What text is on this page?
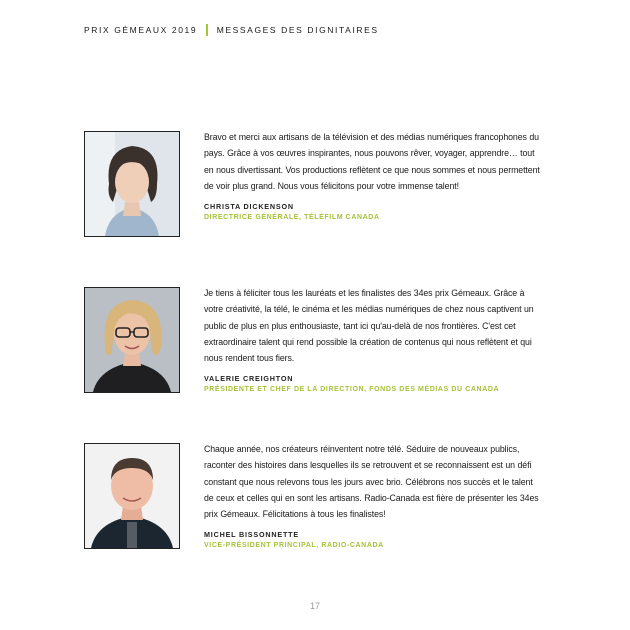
PRIX GÉMEAUX 2019 MESSAGES DES DIGNITAIRES

Bravo et merci aux artisans de la télévision et des médias numériques francophones du pays. Grâce à vos œuvres inspirantes, nous pouvons rêver, voyager, apprendre… tout en nous divertissant. Vos productions reflètent ce que nous sommes et nous permettent de voir plus grand. Nous vous félicitons pour votre immense talent!

CHRISTA DICKENSON
DIRECTRICE GÉNÉRALE, TÉLÉFILM CANADA

Je tiens à féliciter tous les lauréats et les finalistes des 34es prix Gémeaux. Grâce à votre créativité, la télé, le cinéma et les médias numériques de chez nous captivent un public de plus en plus enthousiaste, tant ici qu'au-delà de nos frontières. C'est cet extraordinaire talent qui rend possible la création de contenus qui nous reflètent et qui nous rendent tous fiers.

VALERIE CREIGHTON
PRÉSIDENTE ET CHEF DE LA DIRECTION, FONDS DES MÉDIAS DU CANADA

Chaque année, nos créateurs réinventent notre télé. Séduire de nouveaux publics, raconter des histoires dans lesquelles ils se retrouvent et se reconnaissent est un défi constant que nous relevons tous les jours avec brio. Célébrons nos succès et le talent de ceux et celles qui en sont les artisans. Radio-Canada est fière de présenter les 34es prix Gémeaux. Félicitations à tous les finalistes!

MICHEL BISSONNETTE
VICE-PRÉSIDENT PRINCIPAL, RADIO-CANADA
17
